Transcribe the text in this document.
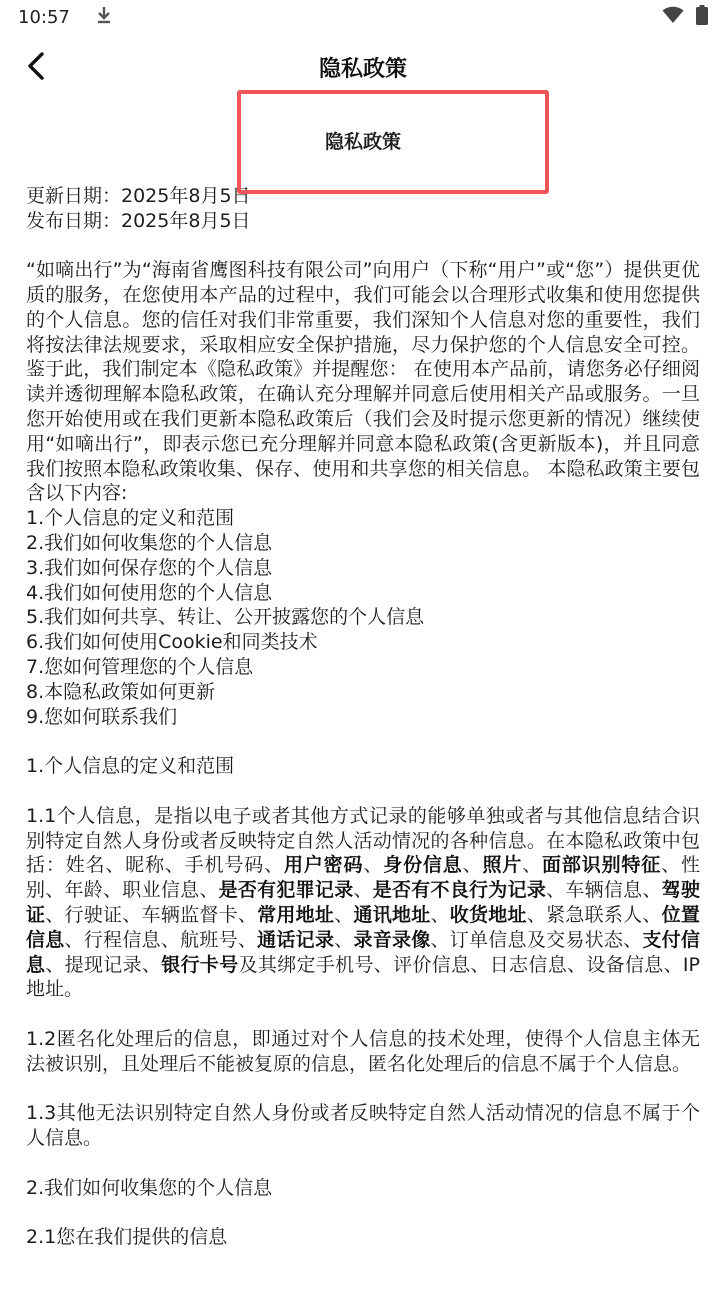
10:57
隐私政策
隐私政策
更新日期：2025年8月5日
发布日期：2025年8月5日
“如嘀出行”为“海南省鹰图科技有限公司”向用户（下称“用户”或“您”）提供更优质的服务，在您使用本产品的过程中，我们可能会以合理形式收集和使用您提供的个人信息。您的信任对我们非常重要，我们深知个人信息对您的重要性，我们将按法律法规要求，采取相应安全保护措施，尽力保护您的个人信息安全可控。鉴于此，我们制定本《隐私政策》并提醒您： 在使用本产品前，请您务必仔细阅读并透彻理解本隐私政策，在确认充分理解并同意后使用相关产品或服务。一旦您开始使用或在我们更新本隐私政策后（我们会及时提示您更新的情况）继续使用“如嘀出行”，即表示您已充分理解并同意本隐私政策(含更新版本)，并且同意我们按照本隐私政策收集、保存、使用和共享您的相关信息。 本隐私政策主要包含以下内容:
1.个人信息的定义和范围
2.我们如何收集您的个人信息
3.我们如何保存您的个人信息
4.我们如何使用您的个人信息
5.我们如何共享、转让、公开披露您的个人信息
6.我们如何使用Cookie和同类技术
7.您如何管理您的个人信息
8.本隐私政策如何更新
9.您如何联系我们
1.个人信息的定义和范围
1.1个人信息，是指以电子或者其他方式记录的能够单独或者与其他信息结合识别特定自然人身份或者反映特定自然人活动情况的各种信息。在本隐私政策中包括：姓名、昵称、手机号码、用户密码、身份信息、照片、面部识别特征、性别、年龄、职业信息、是否有犯罪记录、是否有不良行为记录、车辆信息、驾驶证、行驶证、车辆监督卡、常用地址、通讯地址、收货地址、紧急联系人、位置信息、行程信息、航班号、通话记录、录音录像、订单信息及交易状态、支付信息、提现记录、银行卡号及其绑定手机号、评价信息、日志信息、设备信息、IP 地址。
1.2匿名化处理后的信息，即通过对个人信息的技术处理，使得个人信息主体无法被识别，且处理后不能被复原的信息，匿名化处理后的信息不属于个人信息。
1.3其他无法识别特定自然人身份或者反映特定自然人活动情况的信息不属于个人信息。
2.我们如何收集您的个人信息
2.1您在我们提供的信息
